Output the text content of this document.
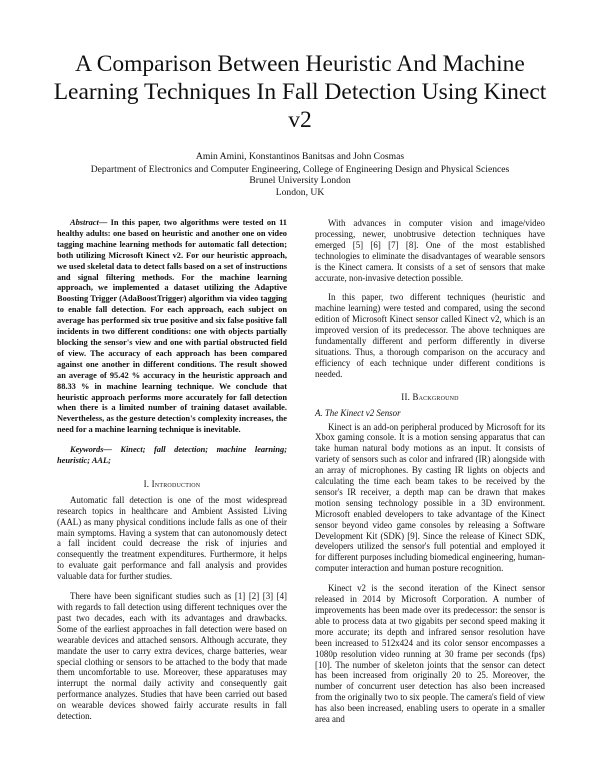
A Comparison Between Heuristic And Machine Learning Techniques In Fall Detection Using Kinect v2
Amin Amini, Konstantinos Banitsas and John Cosmas
Department of Electronics and Computer Engineering, College of Engineering Design and Physical Sciences
Brunel University London
London, UK

Abstract— In this paper, two algorithms were tested on 11 healthy adults: one based on heuristic and another one on video tagging machine learning methods for automatic fall detection; both utilizing Microsoft Kinect v2. For our heuristic approach, we used skeletal data to detect falls based on a set of instructions and signal filtering methods. For the machine learning approach, we implemented a dataset utilizing the Adaptive Boosting Trigger (AdaBoostTrigger) algorithm via video tagging to enable fall detection. For each approach, each subject on average has performed six true positive and six false positive fall incidents in two different conditions: one with objects partially blocking the sensor's view and one with partial obstructed field of view. The accuracy of each approach has been compared against one another in different conditions. The result showed an average of 95.42 % accuracy in the heuristic approach and 88.33 % in machine learning technique. We conclude that heuristic approach performs more accurately for fall detection when there is a limited number of training dataset available. Nevertheless, as the gesture detection's complexity increases, the need for a machine learning technique is inevitable.

Keywords— Kinect; fall detection; machine learning; heuristic; AAL;

I. Introduction

Automatic fall detection is one of the most widespread research topics in healthcare and Ambient Assisted Living (AAL) as many physical conditions include falls as one of their main symptoms. Having a system that can autonomously detect a fall incident could decrease the risk of injuries and consequently the treatment expenditures. Furthermore, it helps to evaluate gait performance and fall analysis and provides valuable data for further studies.

There have been significant studies such as [1] [2] [3] [4] with regards to fall detection using different techniques over the past two decades, each with its advantages and drawbacks. Some of the earliest approaches in fall detection were based on wearable devices and attached sensors. Although accurate, they mandate the user to carry extra devices, charge batteries, wear special clothing or sensors to be attached to the body that made them uncomfortable to use. Moreover, these apparatuses may interrupt the normal daily activity and consequently gait performance analyzes. Studies that have been carried out based on wearable devices showed fairly accurate results in fall detection.

With advances in computer vision and image/video processing, newer, unobtrusive detection techniques have emerged [5] [6] [7] [8]. One of the most established technologies to eliminate the disadvantages of wearable sensors is the Kinect camera. It consists of a set of sensors that make accurate, non-invasive detection possible.

In this paper, two different techniques (heuristic and machine learning) were tested and compared, using the second edition of Microsoft Kinect sensor called Kinect v2, which is an improved version of its predecessor. The above techniques are fundamentally different and perform differently in diverse situations. Thus, a thorough comparison on the accuracy and efficiency of each technique under different conditions is needed.

II. Background
A. The Kinect v2 Sensor

Kinect is an add-on peripheral produced by Microsoft for its Xbox gaming console. It is a motion sensing apparatus that can take human natural body motions as an input. It consists of variety of sensors such as color and infrared (IR) alongside with an array of microphones. By casting IR lights on objects and calculating the time each beam takes to be received by the sensor's IR receiver, a depth map can be drawn that makes motion sensing technology possible in a 3D environment. Microsoft enabled developers to take advantage of the Kinect sensor beyond video game consoles by releasing a Software Development Kit (SDK) [9]. Since the release of Kinect SDK, developers utilized the sensor's full potential and employed it for different purposes including biomedical engineering, human-computer interaction and human posture recognition.

Kinect v2 is the second iteration of the Kinect sensor released in 2014 by Microsoft Corporation. A number of improvements has been made over its predecessor: the sensor is able to process data at two gigabits per second speed making it more accurate; its depth and infrared sensor resolution have been increased to 512x424 and its color sensor encompasses a 1080p resolution video running at 30 frame per seconds (fps) [10]. The number of skeleton joints that the sensor can detect has been increased from originally 20 to 25. Moreover, the number of concurrent user detection has also been increased from the originally two to six people. The camera's field of view has also been increased, enabling users to operate in a smaller area and
